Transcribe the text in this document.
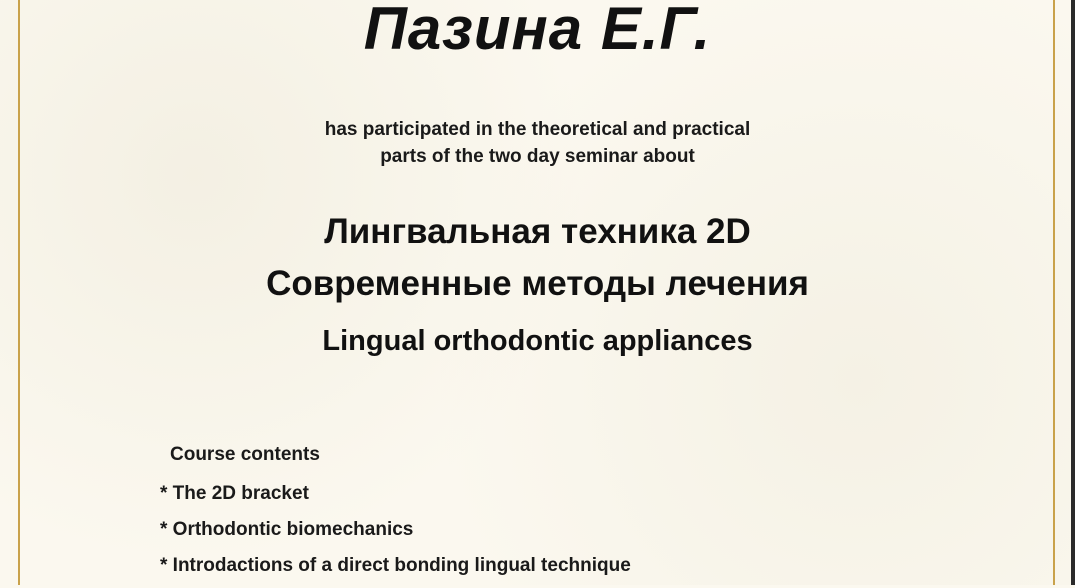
Пазина Е.Г.
has participated in the theoretical and practical
parts of the two day seminar about
Лингвальная техника 2D
Современные методы лечения
Lingual orthodontic appliances
Course contents
* The 2D bracket
* Orthodontic biomechanics
* Introdactions of a direct bonding lingual technique
